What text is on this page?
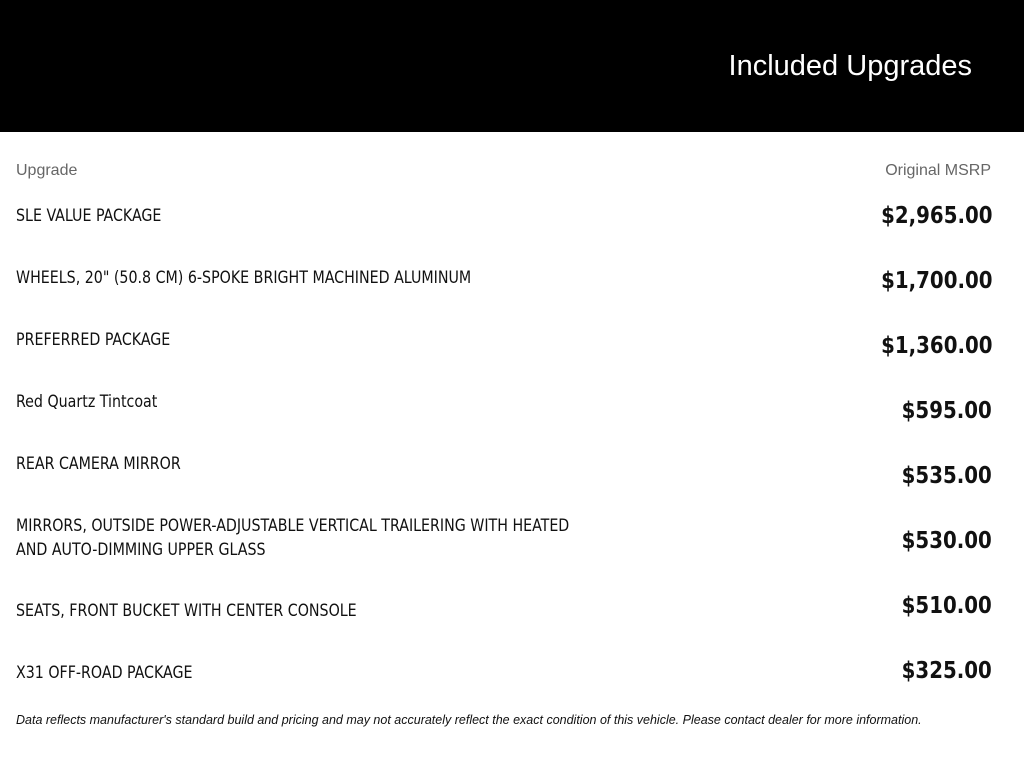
Included Upgrades
Upgrade	Original MSRP
SLE VALUE PACKAGE	$2,965.00
WHEELS, 20" (50.8 CM) 6-SPOKE BRIGHT MACHINED ALUMINUM	$1,700.00
PREFERRED PACKAGE	$1,360.00
Red Quartz Tintcoat	$595.00
REAR CAMERA MIRROR	$535.00
MIRRORS, OUTSIDE POWER-ADJUSTABLE VERTICAL TRAILERING WITH HEATED AND AUTO-DIMMING UPPER GLASS	$530.00
SEATS, FRONT BUCKET WITH CENTER CONSOLE	$510.00
X31 OFF-ROAD PACKAGE	$325.00
Data reflects manufacturer's standard build and pricing and may not accurately reflect the exact condition of this vehicle. Please contact dealer for more information.
